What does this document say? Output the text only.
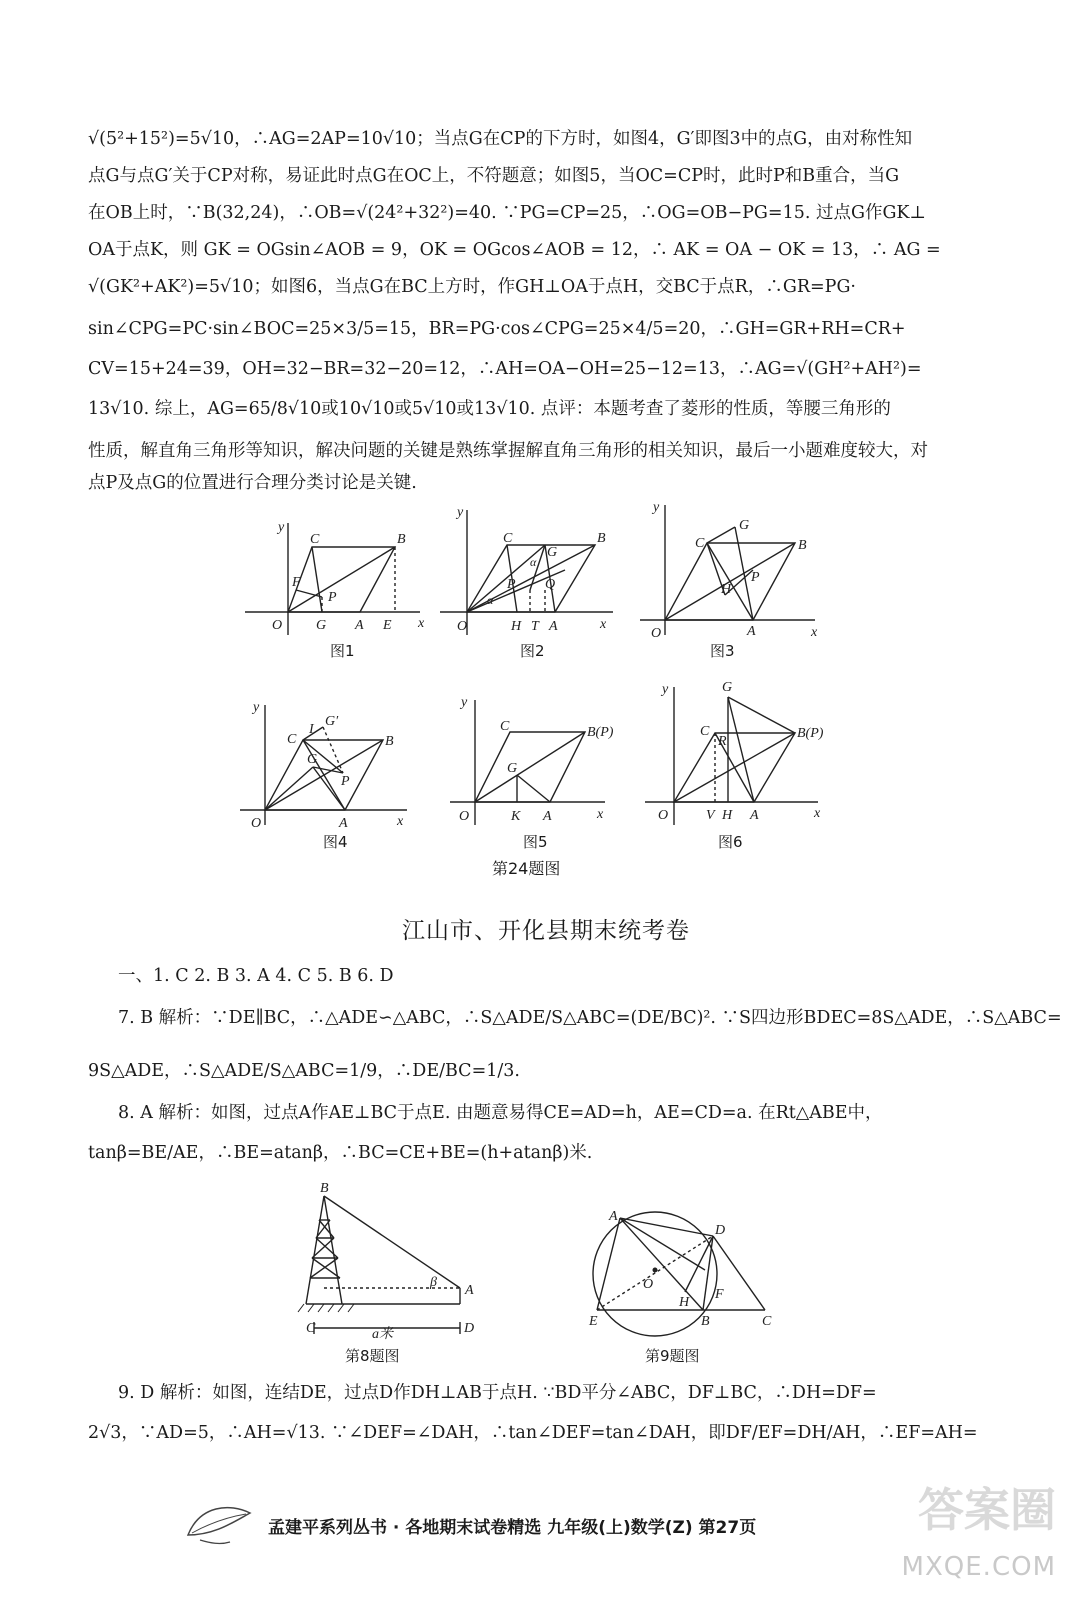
√(5²+15²)=5√10，∴AG=2AP=10√10；当点G在CP的下方时，如图4，G′即图3中的点G，由对称性知
点G与点G′关于CP对称，易证此时点G在OC上，不符题意；如图5，当OC=CP时，此时P和B重合，当G
在OB上时，∵B(32,24)，∴OB=√(24²+32²)=40. ∵PG=CP=25，∴OG=OB−PG=15. 过点G作GK⊥
OA于点K，则 GK = OGsin∠AOB = 9，OK = OGcos∠AOB = 12，∴ AK = OA − OK = 13，∴ AG =
√(GK²+AK²)=5√10；如图6，当点G在BC上方时，作GH⊥OA于点H，交BC于点R，∴GR=PG·
sin∠CPG=PC·sin∠BOC=25×3/5=15，BR=PG·cos∠CPG=25×4/5=20，∴GH=GR+RH=CR+
CV=15+24=39，OH=32−BR=32−20=12，∴AH=OA−OH=25−12=13，∴AG=√(GH²+AH²)=
13√10. 综上，AG=65/8√10或10√10或5√10或13√10. 点评：本题考查了菱形的性质，等腰三角形的
性质，解直角三角形等知识，解决问题的关键是熟练掌握解直角三角形的相关知识，最后一小题难度较大，对
点P及点G的位置进行合理分类讨论是关键.
y
x
O
C	B
F
P
G A E
图1
y
x
O
C	B
G
P Q
H T A
α
α
图2
y
x
O
C
G
B
P
H
A
图3
y
x
O
C
I
G′
G
B
P
A
图4
y
x
O
C	B(P)
G
K A
图5
y
x
O
C
G
R
B(P)
V H A
图6
第24题图
江山市、开化县期末统考卷
一、1. C 2. B 3. A 4. C 5. B 6. D
7. B 解析：∵DE∥BC，∴△ADE∽△ABC，∴S△ADE/S△ABC=(DE/BC)². ∵S四边形BDEC=8S△ADE，∴S△ABC=
9S△ADE，∴S△ADE/S△ABC=1/9，∴DE/BC=1/3.
8. A 解析：如图，过点A作AE⊥BC于点E. 由题意易得CE=AD=h，AE=CD=a. 在Rt△ABE中，
tanβ=BE/AE，∴BE=atanβ，∴BC=CE+BE=(h+atanβ)米.
B
β
A
C	D
a米
第8题图
A
D
O
H
F
E	B	C
第9题图
9. D 解析：如图，连结DE，过点D作DH⊥AB于点H. ∵BD平分∠ABC，DF⊥BC，∴DH=DF=
2√3，∵AD=5，∴AH=√13. ∵∠DEF=∠DAH，∴tan∠DEF=tan∠DAH，即DF/EF=DH/AH，∴EF=AH=
孟建平系列丛书 · 各地期末试卷精选 九年级(上)数学(Z) 第27页	答案圈
MXQE.COM
